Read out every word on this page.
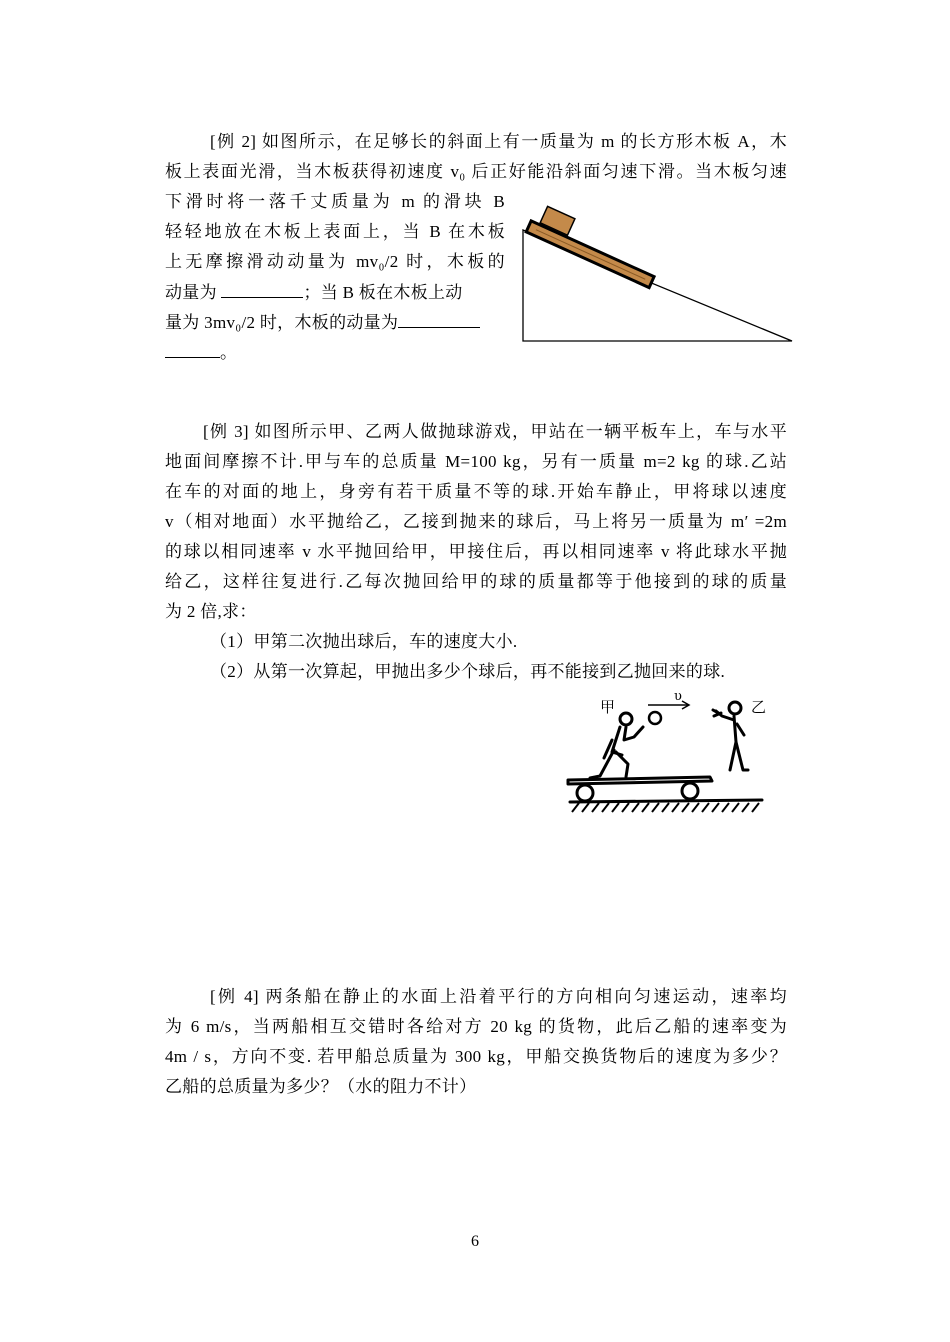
[例 2] 如图所示，在足够长的斜面上有一质量为 m 的长方形木板 A，木
板上表面光滑，当木板获得初速度 v₀ 后正好能沿斜面匀速下滑。当木板匀速
下滑时将一落千丈质量为 m 的滑块 B
轻轻地放在木板上表面上，当 B 在木板
上无摩擦滑动动量为 mv₀/2 时，木板的
动量为	；当 B 板在木板上动
量为 3mv₀/2 时，木板的动量为
。
[例 3] 如图所示甲、乙两人做抛球游戏，甲站在一辆平板车上，车与水平
地面间摩擦不计.甲与车的总质量 M=100 kg，另有一质量 m=2 kg 的球.乙站
在车的对面的地上，身旁有若干质量不等的球.开始车静止，甲将球以速度
v（相对地面）水平抛给乙，乙接到抛来的球后，马上将另一质量为 m′ =2m
的球以相同速率 v 水平抛回给甲，甲接住后，再以相同速率 v 将此球水平抛
给乙，这样往复进行.乙每次抛回给甲的球的质量都等于他接到的球的质量
为 2 倍,求：
（1）甲第二次抛出球后，车的速度大小.
（2）从第一次算起，甲抛出多少个球后，再不能接到乙抛回来的球.
甲
υ
乙
[例 4] 两条船在静止的水面上沿着平行的方向相向匀速运动，速率均
为 6 m/s，当两船相互交错时各给对方 20 kg 的货物，此后乙船的速率变为
4m / s，方向不变. 若甲船总质量为 300 kg，甲船交换货物后的速度为多少？
乙船的总质量为多少？（水的阻力不计）
6
